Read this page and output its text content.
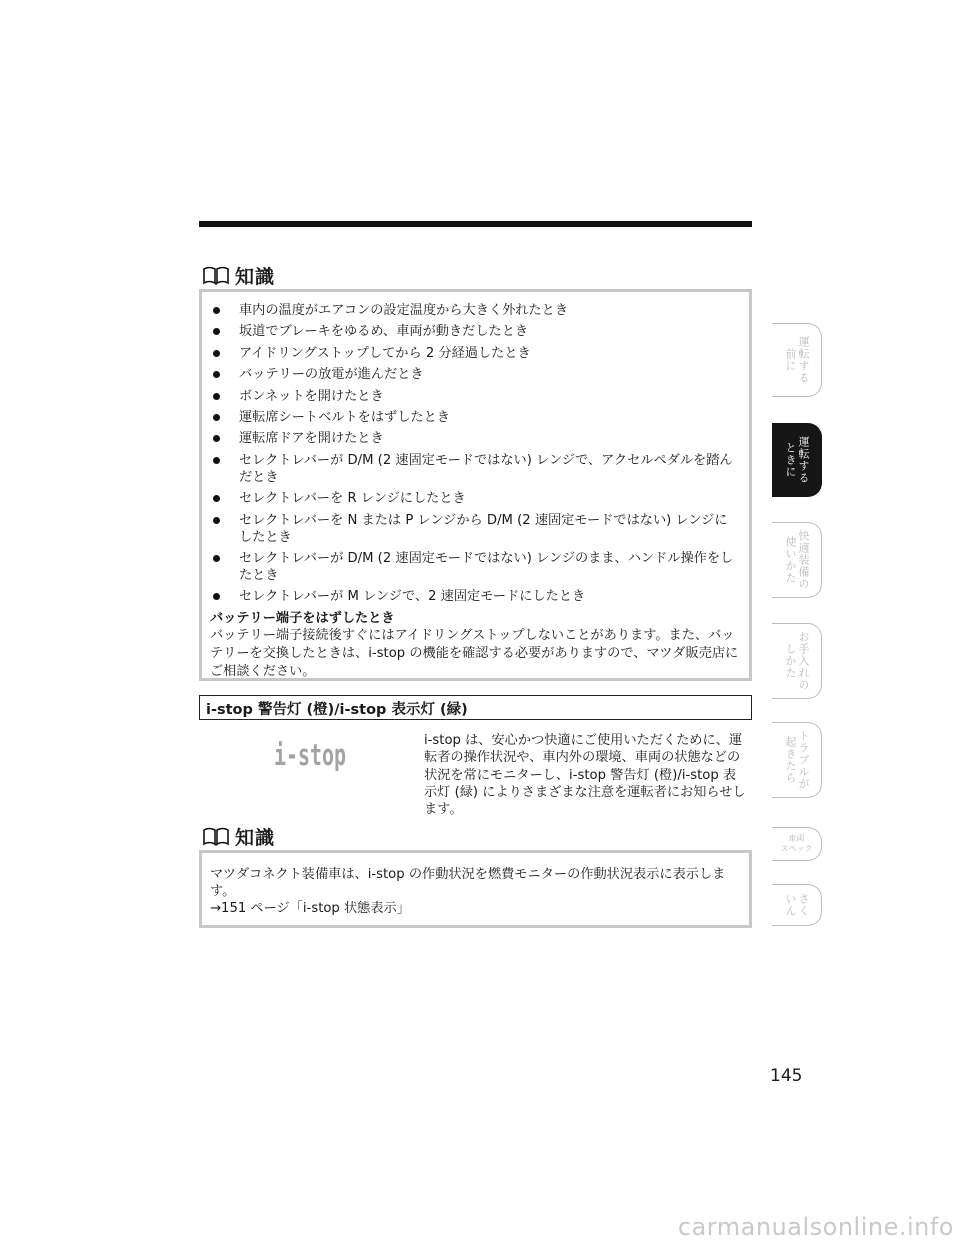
知識
車内の温度がエアコンの設定温度から大きく外れたとき
坂道でブレーキをゆるめ、車両が動きだしたとき
アイドリングストップしてから 2 分経過したとき
バッテリーの放電が進んだとき
ボンネットを開けたとき
運転席シートベルトをはずしたとき
運転席ドアを開けたとき
セレクトレバーが D/M (2 速固定モードではない) レンジで、アクセルペダルを踏んだとき
セレクトレバーを R レンジにしたとき
セレクトレバーを N または P レンジから D/M (2 速固定モードではない) レンジにしたとき
セレクトレバーが D/M (2 速固定モードではない) レンジのまま、ハンドル操作をしたとき
セレクトレバーが M レンジで、2 速固定モードにしたとき
バッテリー端子をはずしたとき
バッテリー端子接続後すぐにはアイドリングストップしないことがあります。また、バッテリーを交換したときは、i-stop の機能を確認する必要がありますので、マツダ販売店にご相談ください。
i-stop 警告灯 (橙)/i-stop 表示灯 (緑)
i-stop	i-stop は、安心かつ快適にご使用いただくために、運転者の操作状況や、車内外の環境、車両の状態などの状況を常にモニターし、i-stop 警告灯 (橙)/i-stop 表示灯 (緑) によりさまざまな注意を運転者にお知らせします。

知識

マツダコネクト装備車は、i-stop の作動状況を燃費モニターの作動状況表示に表示します。

→151 ページ「i-stop 状態表示」

運転する
前に
運転する
ときに
快適装備の
使いかた
お手入れの
しかた
トラブルが
起きたら
車両
スペック
さく
いん
145
carmanualsonline.info
